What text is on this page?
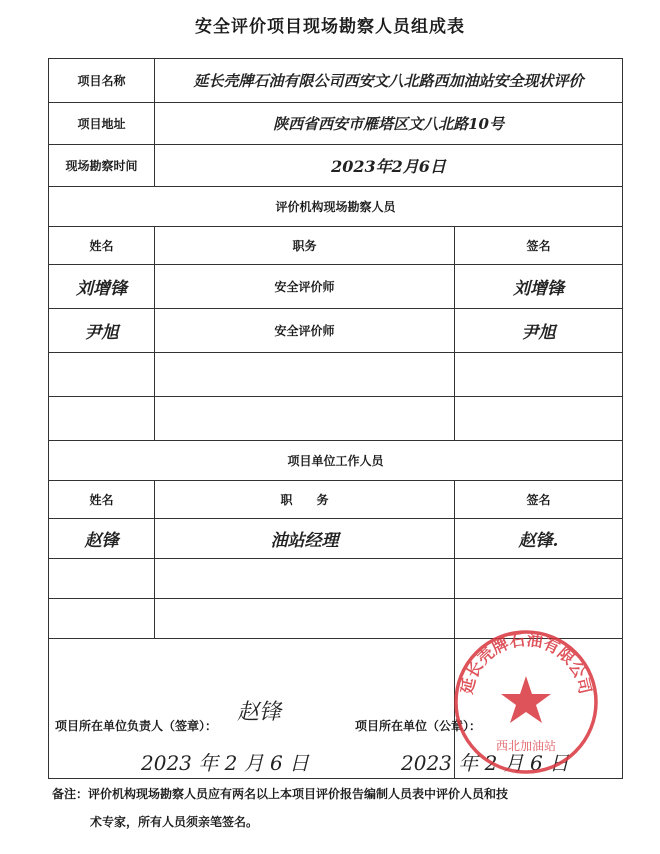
安全评价项目现场勘察人员组成表
项目名称	延长壳牌石油有限公司西安文八北路西加油站安全现状评价	
项目地址	陕西省西安市雁塔区文八北路10号	
现场勘察时间	2023年2月6日	
评价机构现场勘察人员		
姓名	职务	签名
刘增锋	安全评价师	刘增锋
尹旭	安全评价师	尹旭

项目单位工作人员		
姓名	职　　务	签名
赵锋	油站经理	赵锋.

项目所在单位负责人（签章）：
赵锋
2023 年 2 月 6 日		项目所在单位（公章）：
2023 年 2 月 6 日
延长壳牌石油有限公司
西北加油站
备注：评价机构现场勘察人员应有两名以上本项目评价报告编制人员表中评价人员和技
术专家，所有人员须亲笔签名。
